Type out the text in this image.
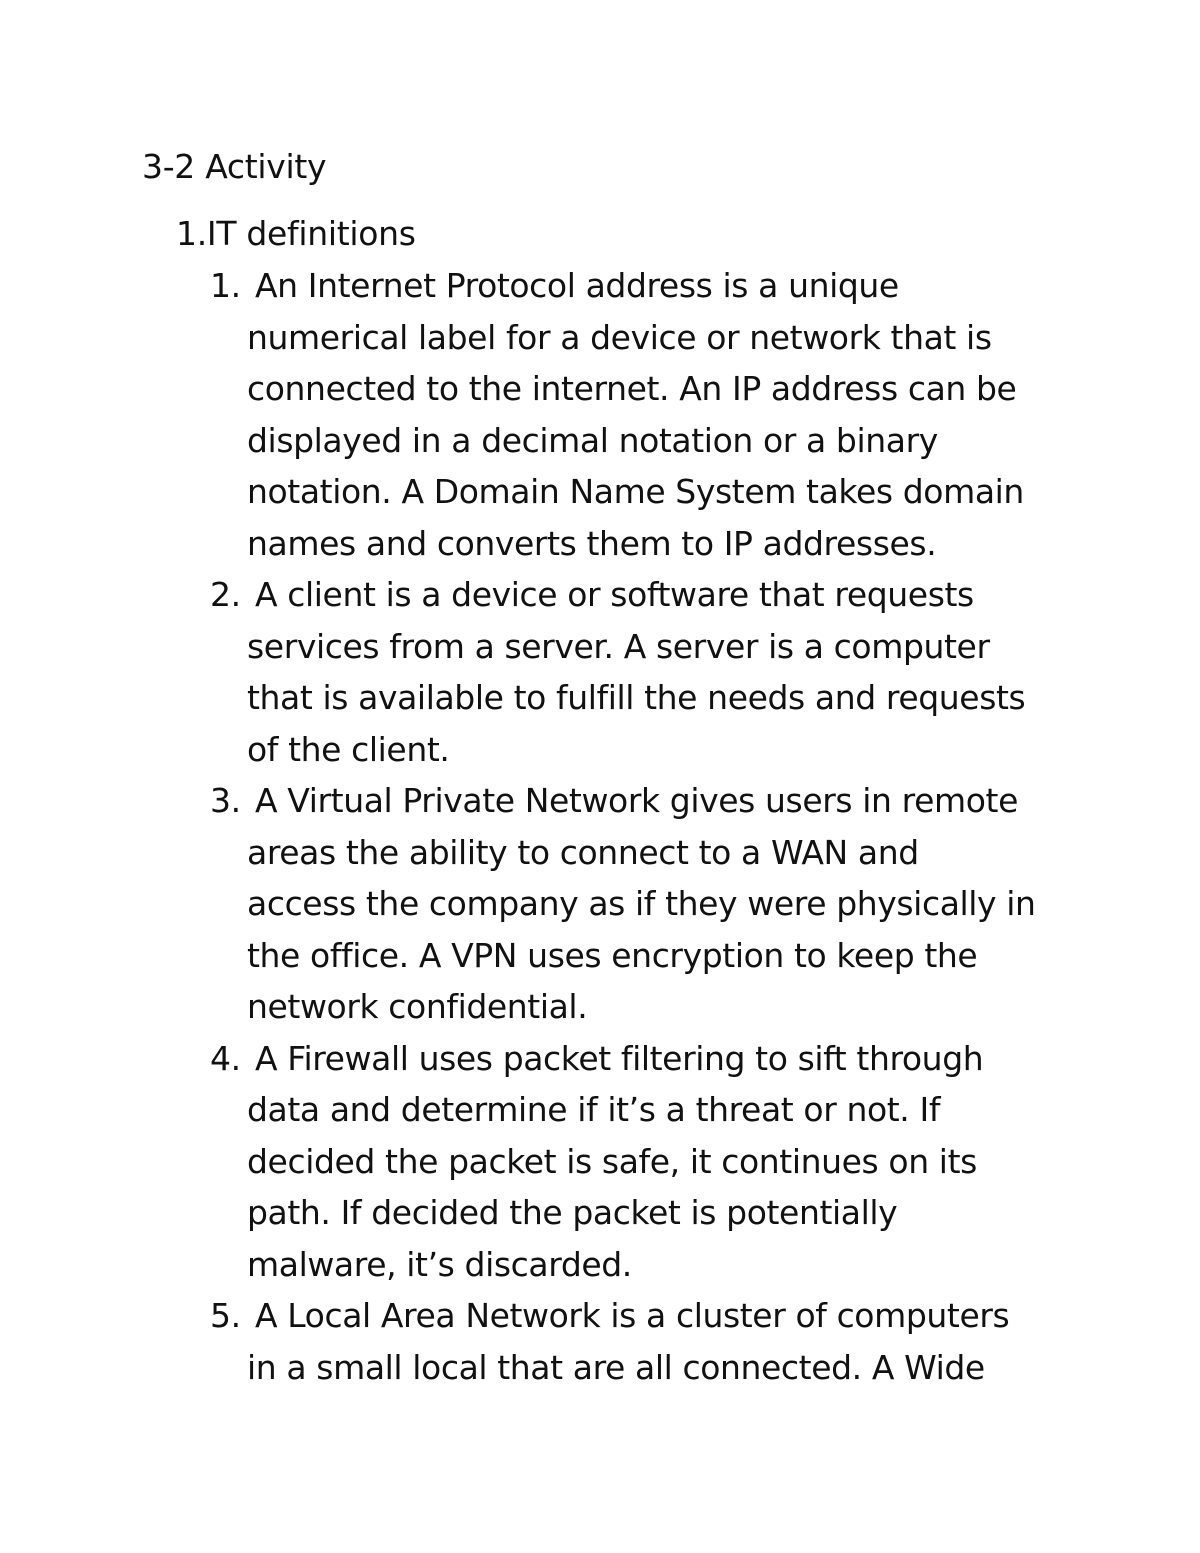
3-2 Activity
1.IT definitions
1. An Internet Protocol address is a unique
numerical label for a device or network that is
connected to the internet. An IP address can be
displayed in a decimal notation or a binary
notation. A Domain Name System takes domain
names and converts them to IP addresses.
2. A client is a device or software that requests
services from a server. A server is a computer
that is available to fulfill the needs and requests
of the client.
3. A Virtual Private Network gives users in remote
areas the ability to connect to a WAN and
access the company as if they were physically in
the office. A VPN uses encryption to keep the
network confidential.
4. A Firewall uses packet filtering to sift through
data and determine if it’s a threat or not. If
decided the packet is safe, it continues on its
path. If decided the packet is potentially
malware, it’s discarded.
5. A Local Area Network is a cluster of computers
in a small local that are all connected. A Wide
